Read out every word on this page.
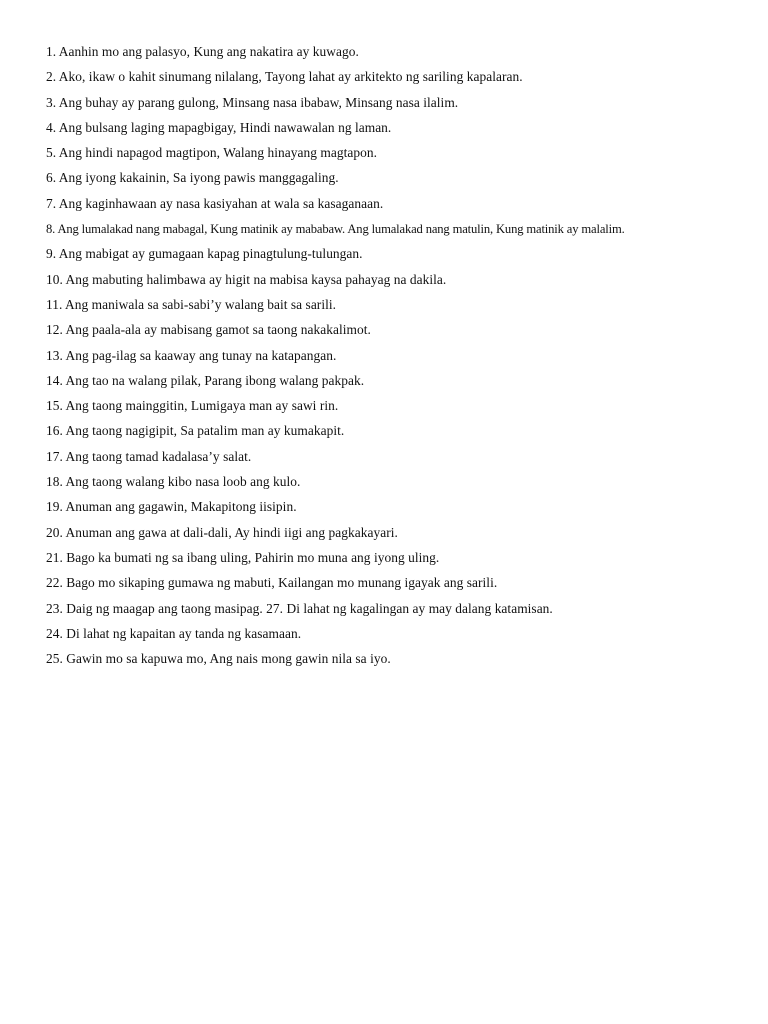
1. Aanhin mo ang palasyo, Kung ang nakatira ay kuwago.
2. Ako, ikaw o kahit sinumang nilalang, Tayong lahat ay arkitekto ng sariling kapalaran.
3. Ang buhay ay parang gulong, Minsang nasa ibabaw, Minsang nasa ilalim.
4. Ang bulsang laging mapagbigay, Hindi nawawalan ng laman.
5. Ang hindi napagod magtipon, Walang hinayang magtapon.
6. Ang iyong kakainin, Sa iyong pawis manggagaling.
7. Ang kaginhawaan ay nasa kasiyahan at wala sa kasaganaan.
8. Ang lumalakad nang mabagal, Kung matinik ay mababaw. Ang lumalakad nang matulin, Kung matinik ay malalim.
9. Ang mabigat ay gumagaan kapag pinagtulung-tulungan.
10. Ang mabuting halimbawa ay higit na mabisa kaysa pahayag na dakila.
11. Ang maniwala sa sabi-sabi’y walang bait sa sarili.
12. Ang paala-ala ay mabisang gamot sa taong nakakalimot.
13. Ang pag-ilag sa kaaway ang tunay na katapangan.
14. Ang tao na walang pilak, Parang ibong walang pakpak.
15. Ang taong mainggitin, Lumigaya man ay sawi rin.
16. Ang taong nagigipit, Sa patalim man ay kumakapit.
17. Ang taong tamad kadalasa’y salat.
18. Ang taong walang kibo nasa loob ang kulo.
19. Anuman ang gagawin, Makapitong iisipin.
20. Anuman ang gawa at dali-dali, Ay hindi iigi ang pagkakayari.
21. Bago ka bumati ng sa ibang uling, Pahirin mo muna ang iyong uling.
22. Bago mo sikaping gumawa ng mabuti, Kailangan mo munang igayak ang sarili.
23. Daig ng maagap ang taong masipag. 27. Di lahat ng kagalingan ay may dalang katamisan.
24. Di lahat ng kapaitan ay tanda ng kasamaan.
25. Gawin mo sa kapuwa mo, Ang nais mong gawin nila sa iyo.
